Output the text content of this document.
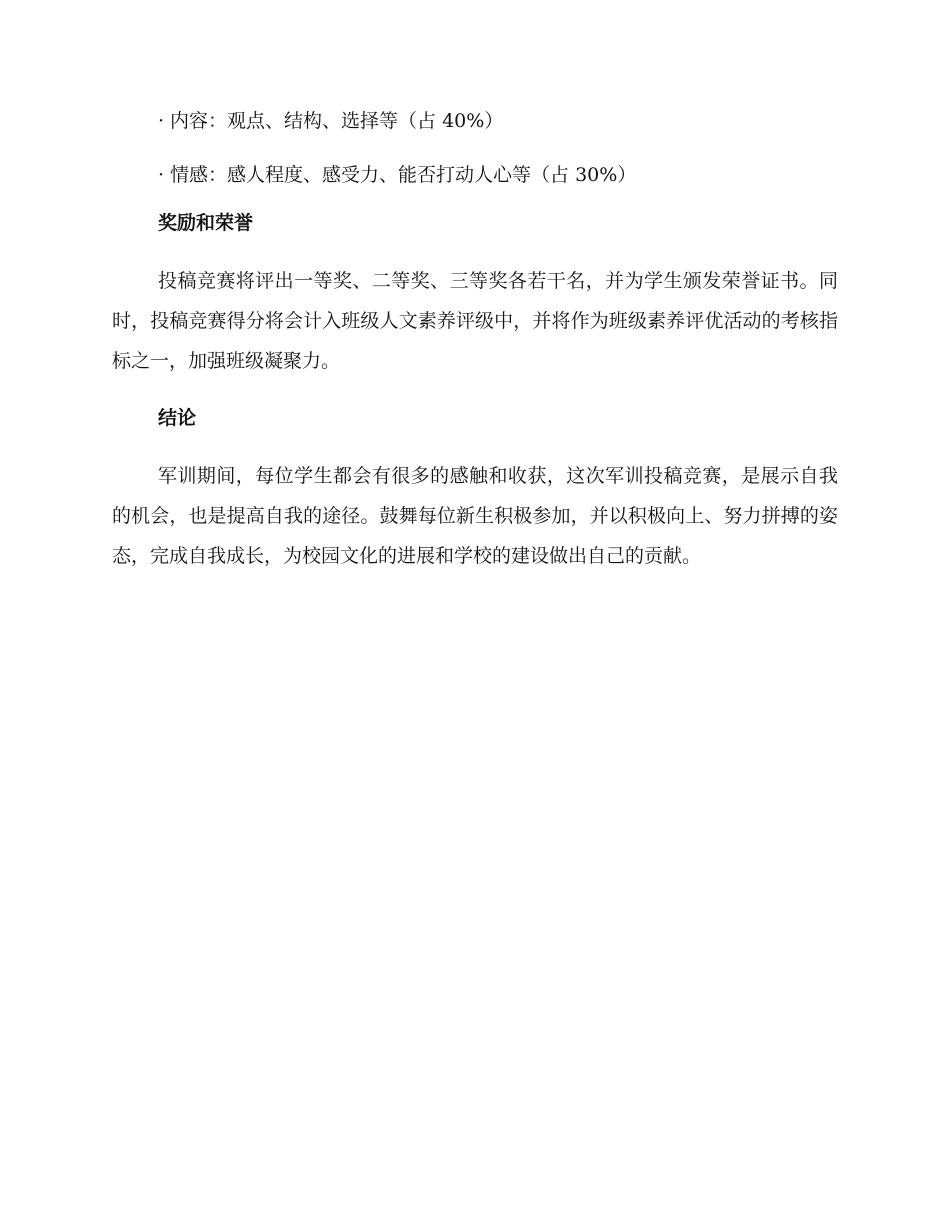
· 内容：观点、结构、选择等（占 40%）

· 情感：感人程度、感受力、能否打动人心等（占 30%）

奖励和荣誉

投稿竞赛将评出一等奖、二等奖、三等奖各若干名，并为学生颁发荣誉证书。同时，投稿竞赛得分将会计入班级人文素养评级中，并将作为班级素养评优活动的考核指标之一，加强班级凝聚力。

结论

军训期间，每位学生都会有很多的感触和收获，这次军训投稿竞赛，是展示自我的机会，也是提高自我的途径。鼓舞每位新生积极参加，并以积极向上、努力拼搏的姿态，完成自我成长，为校园文化的进展和学校的建设做出自己的贡献。
